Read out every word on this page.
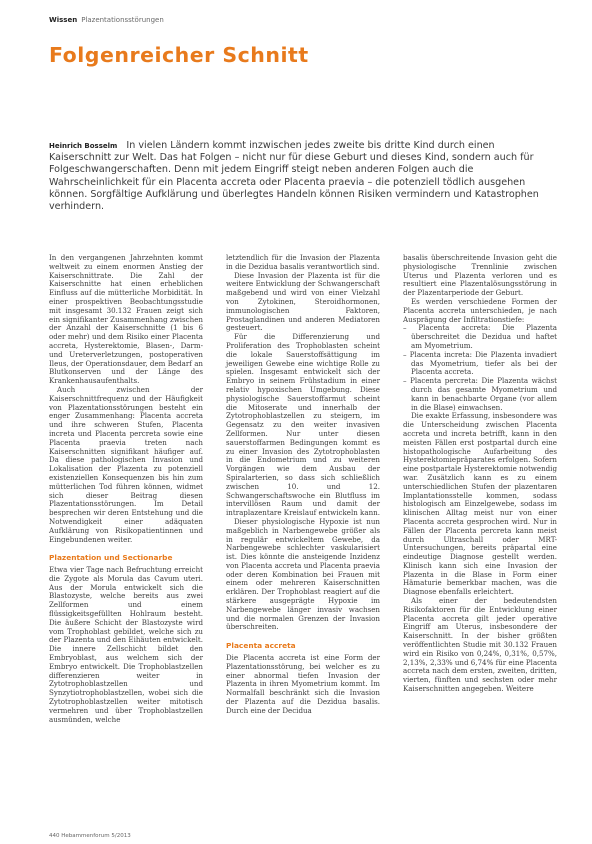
Wissen Plazentationsstörungen
Folgenreicher Schnitt

Heinrich Bosselm In vielen Ländern kommt inzwischen jedes zweite bis dritte Kind durch einen Kaiserschnitt zur Welt. Das hat Folgen – nicht nur für diese Geburt und dieses Kind, sondern auch für Folgeschwangerschaften. Denn mit jedem Eingriff steigt neben anderen Folgen auch die Wahrscheinlichkeit für ein Placenta accreta oder Placenta praevia – die potenziell tödlich ausgehen können. Sorgfältige Aufklärung und überlegtes Handeln können Risiken vermindern und Katastrophen verhindern.

In den vergangenen Jahrzehnten kommt weltweit zu einem enormen Anstieg der Kaiserschnittrate. Die Zahl der Kaiserschnitte hat einen erheblichen Einfluss auf die mütterliche Morbidität. In einer prospektiven Beobachtungsstudie mit insgesamt 30.132 Frauen zeigt sich ein signifikanter Zusammenhang zwischen der Anzahl der Kaiserschnitte (1 bis 6 oder mehr) und dem Risiko einer Placenta accreta, Hysterektomie, Blasen-, Darm- und Ureterverletzungen, postoperativen Ileus, der Operationsdauer, dem Bedarf an Blutkonserven und der Länge des Krankenhausaufenthalts.

Auch zwischen der Kaiserschnittfrequenz und der Häufigkeit von Plazentationsstörungen besteht ein enger Zusammenhang: Placenta accreta und ihre schweren Stufen, Placenta increta und Placenta percreta sowie eine Placenta praevia treten nach Kaiserschnitten signifikant häufiger auf. Da diese pathologischen Invasion und Lokalisation der Plazenta zu potenziell existenziellen Konsequenzen bis hin zum mütterlichen Tod führen können, widmet sich dieser Beitrag diesen Plazentationsstörungen. Im Detail besprechen wir deren Entstehung und die Notwendigkeit einer adäquaten Aufklärung von Risikopatientinnen und Eingebundenen weiter.

Plazentation und Sectionarbe

Etwa vier Tage nach Befruchtung erreicht die Zygote als Morula das Cavum uteri. Aus der Morula entwickelt sich die Blastozyste, welche bereits aus zwei Zellformen und einem flüssigkeitsgefüllten Hohlraum besteht. Die äußere Schicht der Blastozyste wird vom Trophoblast gebildet, welche sich zu der Plazenta und den Eihäuten entwickelt. Die innere Zellschicht bildet den Embryoblast, aus welchem sich der Embryo entwickelt. Die Trophoblastzellen differenzieren weiter in Zytotrophoblastzellen und Synzytiotrophoblastzellen, wobei sich die Zytotrophoblastzellen weiter mitotisch vermehren und über Trophoblastzellen ausmünden, welche

letztendlich für die Invasion der Plazenta in die Dezidua basalis verantwortlich sind.

Diese Invasion der Plazenta ist für die weitere Entwicklung der Schwangerschaft maßgebend und wird von einer Vielzahl von Zytokinen, Steroidhormonen, immunologischen Faktoren, Prostaglandinen und anderen Mediatoren gesteuert.

Für die Differenzierung und Proliferation des Trophoblasten scheint die lokale Sauerstoffsättigung im jeweiligen Gewebe eine wichtige Rolle zu spielen. Insgesamt entwickelt sich der Embryo in seinem Frühstadium in einer relativ hypoxischen Umgebung. Diese physiologische Sauerstoffarmut scheint die Mitoserate und innerhalb der Zytotrophoblastzellen zu steigern, im Gegensatz zu den weiter invasiven Zellformen. Nur unter diesen sauerstoffarmen Bedingungen kommt es zu einer Invasion des Zytotrophoblasten in die Endometrium und zu weiteren Vorgängen wie dem Ausbau der Spiralarterien, so dass sich schließlich zwischen 10. und 12. Schwangerschaftswoche ein Blutfluss im intervillösen Raum und damit der intraplazentare Kreislauf entwickeln kann.

Dieser physiologische Hypoxie ist nun maßgeblich in Narbengewebe größer als in regulär entwickeltem Gewebe, da Narbengewebe schlechter vaskularisiert ist. Dies könnte die ansteigende Inzidenz von Placenta accreta und Placenta praevia oder deren Kombination bei Frauen mit einem oder mehreren Kaiserschnitten erklären. Der Trophoblast reagiert auf die stärkere ausgeprägte Hypoxie im Narbengewebe länger invasiv wachsen und die normalen Grenzen der Invasion überschreiten.

Placenta accreta

Die Placenta accreta ist eine Form der Plazentationsstörung, bei welcher es zu einer abnormal tiefen Invasion der Plazenta in ihren Myometrium kommt. Im Normalfall beschränkt sich die Invasion der Plazenta auf die Dezidua basalis. Durch eine der Decidua

basalis überschreitende Invasion geht die physiologische Trennlinie zwischen Uterus und Plazenta verloren und es resultiert eine Plazentalösungsstörung in der Plazentarperiode der Geburt.

Es werden verschiedene Formen der Placenta accreta unterschieden, je nach Ausprägung der Infiltrationstiefe:

– Placenta accreta: Die Plazenta überschreitet die Dezidua und haftet am Myometrium.
– Placenta increta: Die Plazenta invadiert das Myometrium, tiefer als bei der Placenta accreta.
– Placenta percreta: Die Plazenta wächst durch das gesamte Myometrium und kann in benachbarte Organe (vor allem in die Blase) einwachsen.

Die exakte Erfassung, insbesondere was die Unterscheidung zwischen Placenta accreta und increta betrifft, kann in den meisten Fällen erst postpartal durch eine histopathologische Aufarbeitung des Hysterektomiepräparates erfolgen. Sofern eine postpartale Hysterektomie notwendig war. Zusätzlich kann es zu einem unterschiedlichen Stufen der plazentaren Implantationsstelle kommen, sodass histologisch am Einzelgewebe, sodass im klinischen Alltag meist nur von einer Placenta accreta gesprochen wird. Nur in Fällen der Placenta percreta kann meist durch Ultraschall oder MRT-Untersuchungen, bereits präpartal eine eindeutige Diagnose gestellt werden. Klinisch kann sich eine Invasion der Plazenta in die Blase in Form einer Hämaturie bemerkbar machen, was die Diagnose ebenfalls erleichtert.

Als einer der bedeutendsten Risikofaktoren für die Entwicklung einer Placenta accreta gilt jeder operative Eingriff am Uterus, insbesondere der Kaiserschnitt. In der bisher größten veröffentlichten Studie mit 30.132 Frauen wird ein Risiko von 0,24%, 0,31%, 0,57%, 2,13%, 2,33% und 6,74% für eine Placenta accreta nach dem ersten, zweiten, dritten, vierten, fünften und sechsten oder mehr Kaiserschnitten angegeben. Weitere

440 Hebammenforum 5/2013
